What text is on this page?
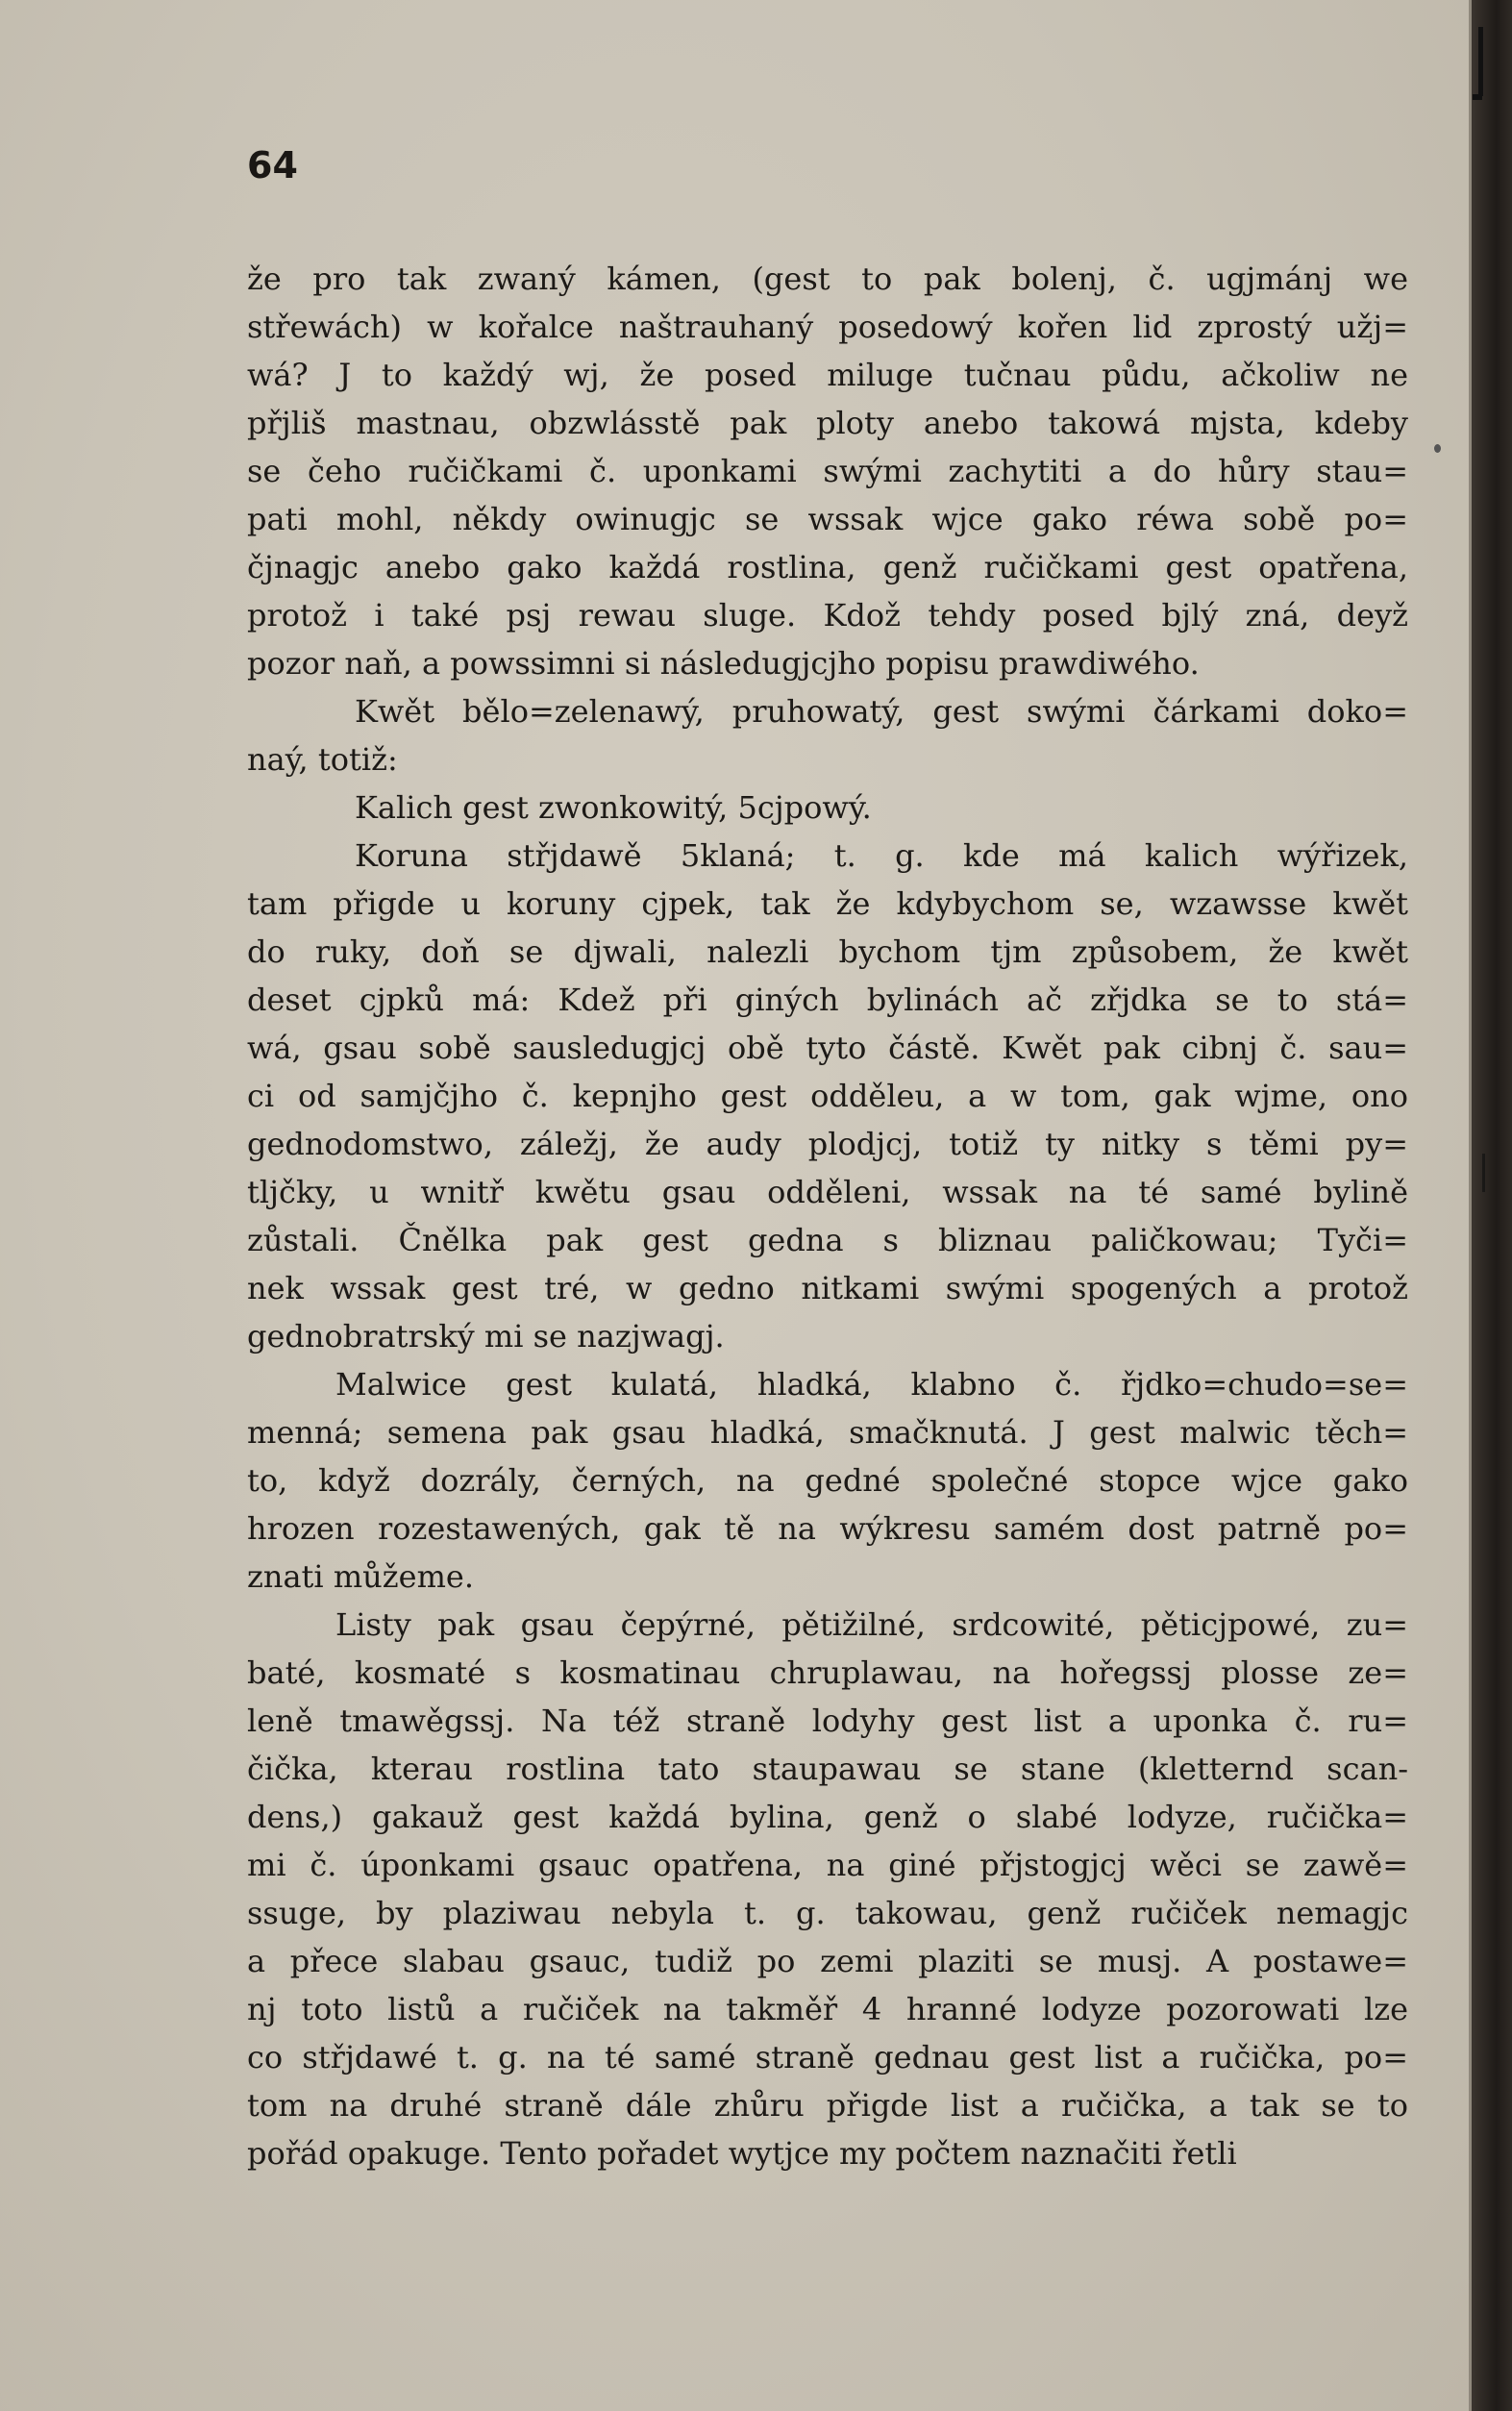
64
že pro tak zwaný kámen, (gest to pak bolenj, č. ugjmánj we
střewách) w kořalce naštrauhaný posedowý kořen lid zprostý užj=
wá? J to každý wj, že posed miluge tučnau půdu, ačkoliw ne
přjliš mastnau, obzwlásstě pak ploty anebo takowá mjsta, kdeby
se čeho ručičkami č. uponkami swými zachytiti a do hůry stau=
pati mohl, někdy owinugjc se wssak wjce gako réwa sobě po=
čjnagjc anebo gako každá rostlina, genž ručičkami gest opatřena,
protož i také psj rewau sluge. Kdož tehdy posed bjlý zná, deyž
pozor naň, a powssimni si následugjcjho popisu prawdiwého.
Kwět bělo=zelenawý, pruhowatý, gest swými čárkami doko=
naý, totiž:
Kalich gest zwonkowitý, 5cjpowý.
Koruna střjdawě 5klaná; t. g. kde má kalich wýřizek,
tam přigde u koruny cjpek, tak že kdybychom se, wzawsse kwět
do ruky, doň se djwali, nalezli bychom tjm způsobem, že kwět
deset cjpků má: Kdež při giných bylinách ač zřjdka se to stá=
wá, gsau sobě sausledugjcj obě tyto částě. Kwět pak cibnj č. sau=
ci od samjčjho č. kepnjho gest odděleu, a w tom, gak wjme, ono
gednodomstwo, záležj, že audy plodjcj, totiž ty nitky s těmi py=
tljčky, u wnitř kwětu gsau odděleni, wssak na té samé bylině
zůstali. Čnělka pak gest gedna s bliznau paličkowau; Tyči=
nek wssak gest tré, w gedno nitkami swými spogených a protož
gednobratrský mi se nazjwagj.
Malwice gest kulatá, hladká, klabno č. řjdko=chudo=se=
menná; semena pak gsau hladká, smačknutá. J gest malwic těch=
to, když dozrály, černých, na gedné společné stopce wjce gako
hrozen rozestawených, gak tě na wýkresu samém dost patrně po=
znati můžeme.
Listy pak gsau čepýrné, pětižilné, srdcowité, pěticjpowé, zu=
baté, kosmaté s kosmatinau chruplawau, na hořegssj plosse ze=
leně tmawěgssj. Na též straně lodyhy gest list a uponka č. ru=
čička, kterau rostlina tato staupawau se stane (kletternd scan-
dens,) gakauž gest každá bylina, genž o slabé lodyze, ručička=
mi č. úponkami gsauc opatřena, na giné přjstogjcj wěci se zawě=
ssuge, by plaziwau nebyla t. g. takowau, genž ručiček nemagjc
a přece slabau gsauc, tudiž po zemi plaziti se musj. A postawe=
nj toto listů a ručiček na takměř 4 hranné lodyze pozorowati lze
co střjdawé t. g. na té samé straně gednau gest list a ručička, po=
tom na druhé straně dále zhůru přigde list a ručička, a tak se to
pořád opakuge. Tento pořadet wytjce my počtem naznačiti řetli
